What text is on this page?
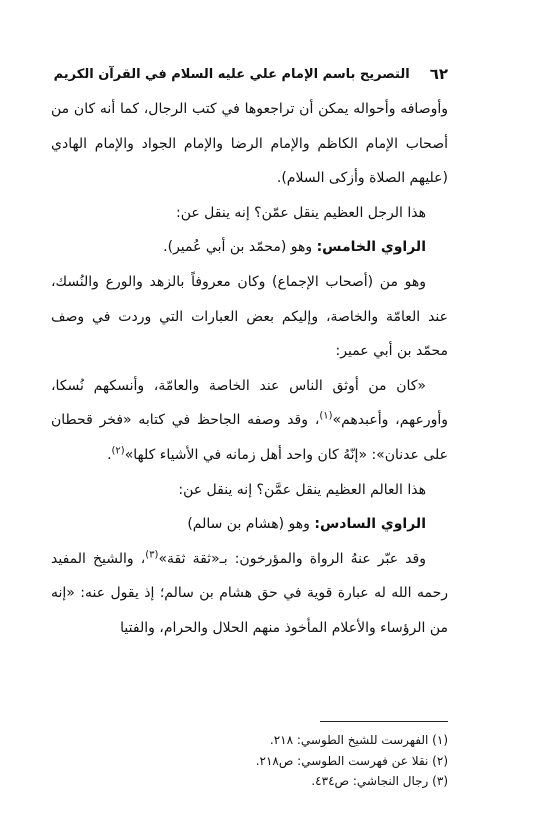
٦٢
التصريح باسم الإمام علي عليه السلام في القرآن الكريم

وأوصافه وأحواله يمكن أن تراجعوها في كتب الرجال، كما أنه كان من أصحاب الإمام الكاظم والإمام الرضا والإمام الجواد والإمام الهادي (عليهم الصلاة وأزكى السلام).

هذا الرجل العظيم ينقل عمّن؟ إنه ينقل عن:

الراوي الخامس: وهو (محمّد بن أبي عُمير).

وهو من (أصحاب الإجماع) وكان معروفاً بالزهد والورع والنُسك، عند العامّة والخاصة، وإليكم بعض العبارات التي وردت في وصف محمّد بن أبي عمير:

«كان من أوثق الناس عند الخاصة والعامّة، وأنسكهم نُسكا، وأورعهم، وأعبدهم»$^{(١)}$، وقد وصفه الجاحظ في كتابه «فخر قحطان على عدنان»: «إنّهُ كان واحد أهل زمانه في الأشياء كلها»$^{(٢)}$.

هذا العالم العظيم ينقل عمَّن؟ إنه ينقل عن:

الراوي السادس: وهو (هشام بن سالم)

وقد عبّر عنهُ الرواة والمؤرخون: بـ«ثقة ثقة»$^{(٣)}$، والشيخ المفيد رحمه الله له عبارة قوية في حق هشام بن سالم؛ إذ يقول عنه: «إنه من الرؤساء والأعلام المأخوذ منهم الحلال والحرام، والفتيا

(١) الفهرست للشيخ الطوسي: ٢١٨.

(٢) نقلا عن فهرست الطوسي: ص٢١٨.

(٣) رجال النجاشي: ص٤٣٤.
